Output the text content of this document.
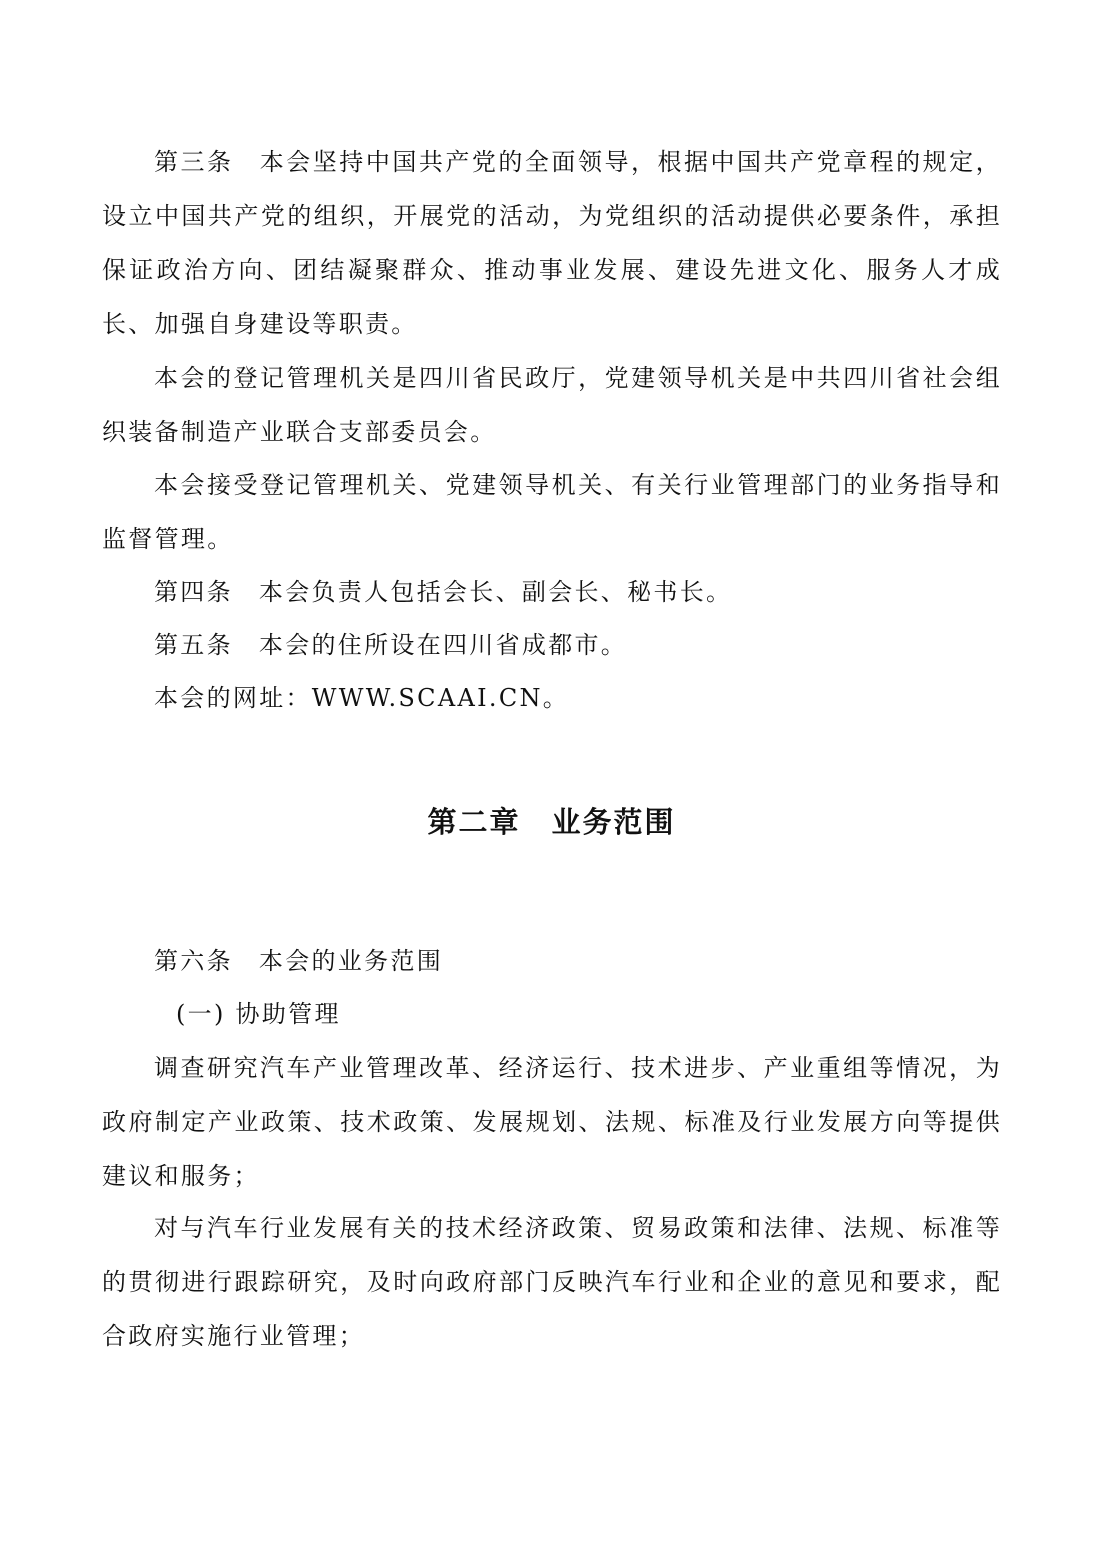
第三条 本会坚持中国共产党的全面领导，根据中国共产党章程的规定，设立中国共产党的组织，开展党的活动，为党组织的活动提供必要条件，承担保证政治方向、团结凝聚群众、推动事业发展、建设先进文化、服务人才成长、加强自身建设等职责。

本会的登记管理机关是四川省民政厅，党建领导机关是中共四川省社会组织装备制造产业联合支部委员会。

本会接受登记管理机关、党建领导机关、有关行业管理部门的业务指导和监督管理。

第四条 本会负责人包括会长、副会长、秘书长。

第五条 本会的住所设在四川省成都市。

本会的网址：WWW.SCAAI.CN。

第二章　业务范围

第六条 本会的业务范围

(一) 协助管理

调查研究汽车产业管理改革、经济运行、技术进步、产业重组等情况，为政府制定产业政策、技术政策、发展规划、法规、标准及行业发展方向等提供建议和服务；

对与汽车行业发展有关的技术经济政策、贸易政策和法律、法规、标准等的贯彻进行跟踪研究，及时向政府部门反映汽车行业和企业的意见和要求，配合政府实施行业管理；
